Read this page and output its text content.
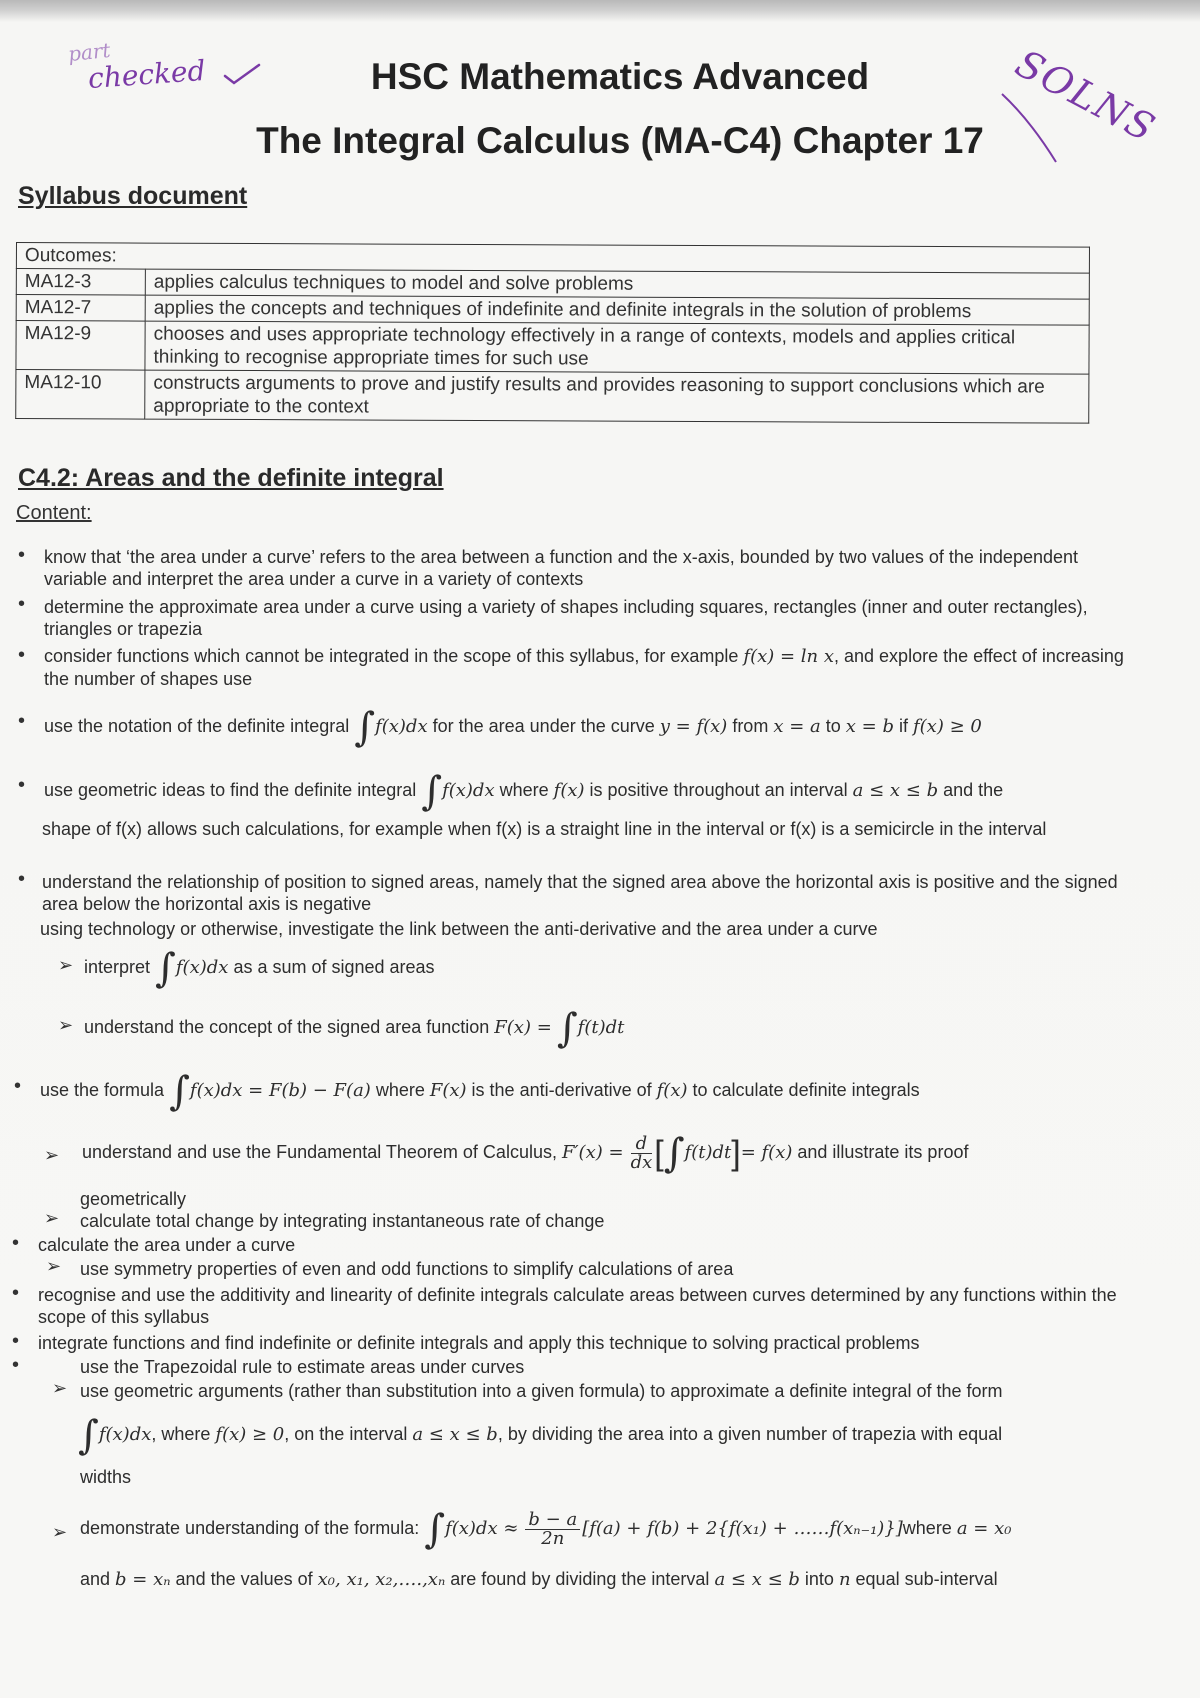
part
checked	SOLNS
HSC Mathematics Advanced
The Integral Calculus (MA-C4) Chapter 17
Syllabus document
Outcomes:	
MA12-3	applies calculus techniques to model and solve problems
MA12-7	applies the concepts and techniques of indefinite and definite integrals in the solution of problems
MA12-9	chooses and uses appropriate technology effectively in a range of contexts, models and applies critical thinking to recognise appropriate times for such use
MA12-10	constructs arguments to prove and justify results and provides reasoning to support conclusions which are appropriate to the context
C4.2: Areas and the definite integral
Content:
• know that ‘the area under a curve’ refers to the area between a function and the x-axis, bounded by two values of the independent variable and interpret the area under a curve in a variety of contexts
• determine the approximate area under a curve using a variety of shapes including squares, rectangles (inner and outer rectangles), triangles or trapezia
• consider functions which cannot be integrated in the scope of this syllabus, for example f(x) = ln x, and explore the effect of increasing the number of shapes use
• use the notation of the definite integral ∫f(x)dx for the area under the curve y = f(x) from x = a to x = b if f(x) ≥ 0
• use geometric ideas to find the definite integral ∫f(x)dx where f(x) is positive throughout an interval a ≤ x ≤ b and the
shape of f(x) allows such calculations, for example when f(x) is a straight line in the interval or f(x) is a semicircle in the interval
• understand the relationship of position to signed areas, namely that the signed area above the horizontal axis is positive and the signed area below the horizontal axis is negative
using technology or otherwise, investigate the link between the anti-derivative and the area under a curve
➢ interpret ∫f(x)dx as a sum of signed areas
➢ understand the concept of the signed area function F(x) = ∫f(t)dt
• use the formula ∫f(x)dx = F(b) − F(a) where F(x) is the anti-derivative of f(x) to calculate definite integrals
➢ understand and use the Fundamental Theorem of Calculus, $F'(x) = \frac{d}{dx} [\int f(t)dt]= f(x)$ and illustrate its proof
geometrically
➢ calculate total change by integrating instantaneous rate of change
• calculate the area under a curve
➢ use symmetry properties of even and odd functions to simplify calculations of area
• recognise and use the additivity and linearity of definite integrals calculate areas between curves determined by any functions within the scope of this syllabus
• integrate functions and find indefinite or definite integrals and apply this technique to solving practical problems
•	use the Trapezoidal rule to estimate areas under curves
➢ use geometric arguments (rather than substitution into a given formula) to approximate a definite integral of the form
∫f(x)dx, where f(x) ≥ 0, on the interval a ≤ x ≤ b, by dividing the area into a given number of trapezia with equal
widths
➢ demonstrate understanding of the formula: $\int f(x)dx \approx \frac{b - a}{2n} [f(a) + f(b) + 2\{f(x_1)$ + ……f(xₙ₋₁)}]where a = x₀
and b = xₙ and the values of x₀, x₁, x₂,….,xₙ are found by dividing the interval a ≤ x ≤ b into n equal sub-interval
